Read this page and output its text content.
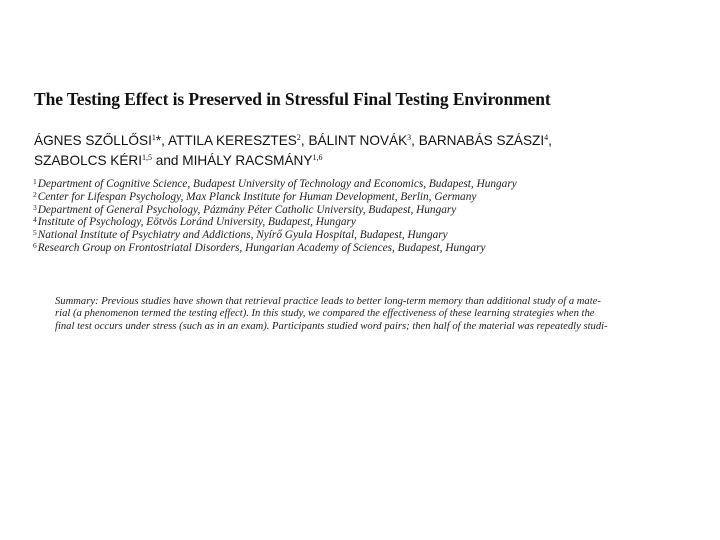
The Testing Effect is Preserved in Stressful Final Testing Environment
ÁGNES SZŐLLŐSI$^1$*, ATTILA KERESZTES$^2$, BÁLINT NOVÁK$^3$, BARNABÁS SZÁSZI$^4$,
SZABOLCS KÉRI$^{1,5}$ and MIHÁLY RACSMÁNY$^{1,6}$
$^1$Department of Cognitive Science, Budapest University of Technology and Economics, Budapest, Hungary
$^2$Center for Lifespan Psychology, Max Planck Institute for Human Development, Berlin, Germany
$^3$Department of General Psychology, Pázmány Péter Catholic University, Budapest, Hungary
$^4$Institute of Psychology, Eötvös Loránd University, Budapest, Hungary
$^5$National Institute of Psychiatry and Addictions, Nyírő Gyula Hospital, Budapest, Hungary
$^6$Research Group on Frontostriatal Disorders, Hungarian Academy of Sciences, Budapest, Hungary
Summary: Previous studies have shown that retrieval practice leads to better long-term memory than additional study of a mate-
rial (a phenomenon termed the testing effect). In this study, we compared the effectiveness of these learning strategies when the
final test occurs under stress (such as in an exam). Participants studied word pairs; then half of the material was repeatedly studi-
